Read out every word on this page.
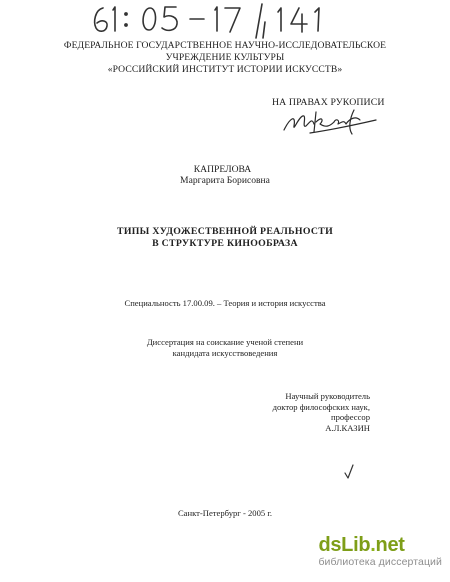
ФЕДЕРАЛЬНОЕ ГОСУДАРСТВЕННОЕ НАУЧНО-ИССЛЕДОВАТЕЛЬСКОЕ
УЧРЕЖДЕНИЕ КУЛЬТУРЫ
«РОССИЙСКИЙ ИНСТИТУТ ИСТОРИИ ИСКУССТВ»
НА ПРАВАХ РУКОПИСИ
КАПРЕЛОВА
Маргарита Борисовна
ТИПЫ ХУДОЖЕСТВЕННОЙ РЕАЛЬНОСТИ
В СТРУКТУРЕ КИНООБРАЗА
Специальность 17.00.09. – Теория и история искусства
Диссертация на соискание ученой степени
кандидата искусствоведения
Научный руководитель
доктор философских наук,
профессор
А.Л.КАЗИН
Санкт-Петербург - 2005 г.
dsLib.net
библиотека диссертаций
